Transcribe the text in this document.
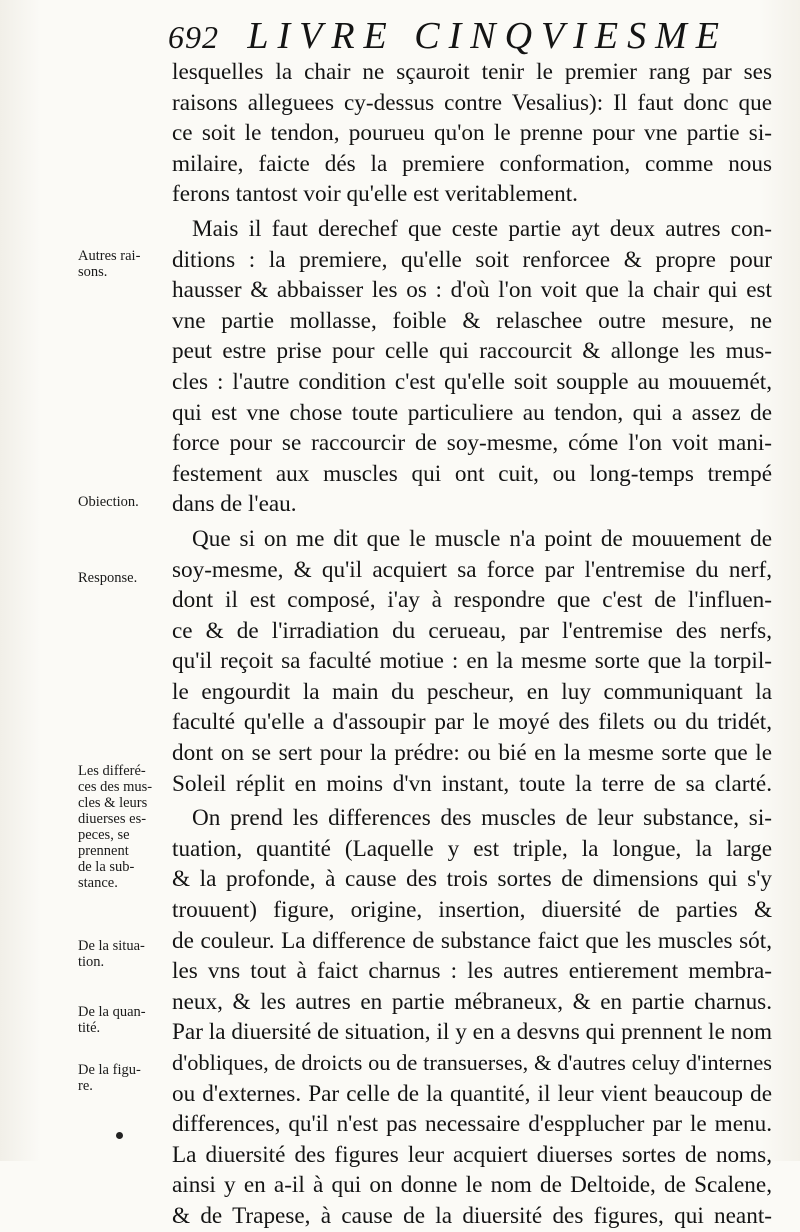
692 LIVRE CINQVIESME
lesquelles la chair ne sçauroit tenir le premier rang par ses
raisons alleguees cy-dessus contre Vesalius): Il faut donc que
ce soit le tendon, pourueu qu'on le prenne pour vne partie si-
milaire, faicte dés la premiere conformation, comme nous
ferons tantost voir qu'elle est veritablement.
Mais il faut derechef que ceste partie ayt deux autres con-
ditions : la premiere, qu'elle soit renforcee & propre pour
hausser & abbaisser les os : d'où l'on voit que la chair qui est
vne partie mollasse, foible & relaschee outre mesure, ne
peut estre prise pour celle qui raccourcit & allonge les mus-
cles : l'autre condition c'est qu'elle soit soupple au mouuemét,
qui est vne chose toute particuliere au tendon, qui a assez de
force pour se raccourcir de soy-mesme, cóme l'on voit mani-
festement aux muscles qui ont cuit, ou long-temps trempé
dans de l'eau.
Que si on me dit que le muscle n'a point de mouuement de
soy-mesme, & qu'il acquiert sa force par l'entremise du nerf,
dont il est composé, i'ay à respondre que c'est de l'influen-
ce & de l'irradiation du cerueau, par l'entremise des nerfs,
qu'il reçoit sa faculté motiue : en la mesme sorte que la torpil-
le engourdit la main du pescheur, en luy communiquant la
faculté qu'elle a d'assoupir par le moyé des filets ou du tridét,
dont on se sert pour la prédre: ou bié en la mesme sorte que le
Soleil réplit en moins d'vn instant, toute la terre de sa clarté.
On prend les differences des muscles de leur substance, si-
tuation, quantité (Laquelle y est triple, la longue, la large
& la profonde, à cause des trois sortes de dimensions qui s'y
trouuent) figure, origine, insertion, diuersité de parties &
de couleur. La difference de substance faict que les muscles sót,
les vns tout à faict charnus : les autres entierement membra-
neux, & les autres en partie mébraneux, & en partie charnus.
Par la diuersité de situation, il y en a desvns qui prennent le nom
d'obliques, de droicts ou de transuerses, & d'autres celuy d'internes
ou d'externes. Par celle de la quantité, il leur vient beaucoup de
differences, qu'il n'est pas necessaire d'espplucher par le menu.
La diuersité des figures leur acquiert diuerses sortes de noms,
ainsi y en a-il à qui on donne le nom de Deltoide, de Scalene,
& de Trapese, à cause de la diuersité des figures, qui neant-
Autres rai-
sons.
Obiection.
Response.
Les differé-
ces des mus-
cles & leurs
diuerses es-
peces, se
prennent
de la sub-
stance.
De la situa-
tion.
De la quan-
tité.
De la figu-
re.
